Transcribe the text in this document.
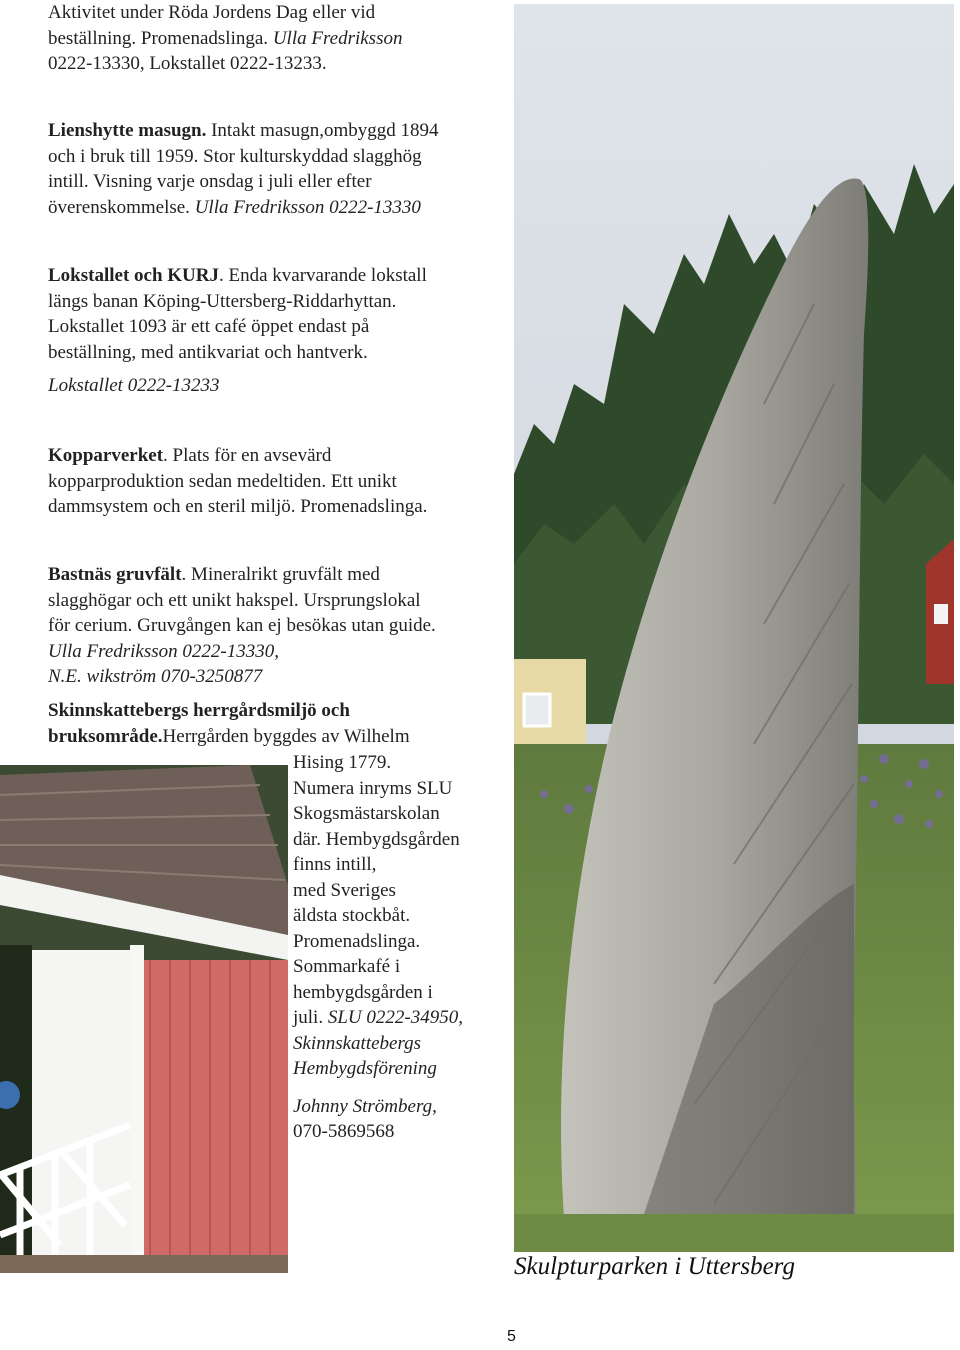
Aktivitet under Röda Jordens Dag eller vid
beställning. Promenadslinga. Ulla Fredriksson
0222-13330, Lokstallet 0222-13233.
Lienshytte masugn. Intakt masugn,ombyggd 1894
och i bruk till 1959. Stor kulturskyddad slagghög
intill. Visning varje onsdag i juli eller efter
överenskommelse. Ulla Fredriksson 0222-13330
Lokstallet och KURJ. Enda kvarvarande lokstall
längs banan Köping-Uttersberg-Riddarhyttan.
Lokstallet 1093 är ett café öppet endast på
beställning, med antikvariat och hantverk.
Lokstallet 0222-13233
Kopparverket. Plats för en avsevärd
kopparproduktion sedan medeltiden. Ett unikt
dammsystem och en steril miljö. Promenadslinga.
Bastnäs gruvfält. Mineralrikt gruvfält med
slagghögar och ett unikt hakspel. Ursprungslokal
för cerium. Gruvgången kan ej besökas utan guide.
Ulla Fredriksson 0222-13330,
N.E. wikström 070-3250877
Skinnskattebergs herrgårdsmiljö och
bruksområde.Herrgården byggdes av Wilhelm
Hising 1779.
Numera inryms SLU
Skogsmästarskolan
där. Hembygdsgården
finns intill,
med Sveriges
äldsta stockbåt.
Promenadslinga.
Sommarkafé i
hembygdsgården i
juli. SLU 0222-34950,
Skinnskattebergs
Hembygdsförening
Johnny Strömberg,
070-5869568
Skulpturparken i Uttersberg
5
